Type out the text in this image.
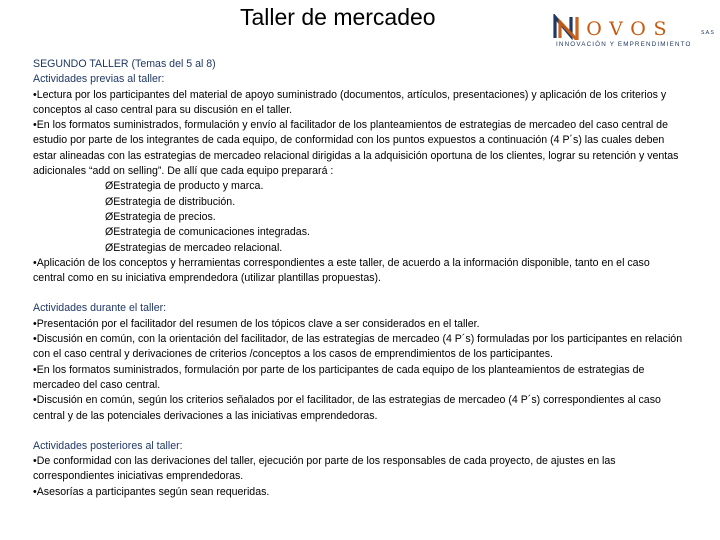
Taller de mercadeo	O V O S	S.A.S
INNOVACIÓN Y EMPRENDIMIENTO

SEGUNDO TALLER (Temas del 5 al 8)

Actividades previas al taller:

•Lectura por los participantes del material de apoyo suministrado (documentos, artículos, presentaciones) y aplicación de los criterios y conceptos al caso central para su discusión en el taller.

•En los formatos suministrados, formulación y envío al facilitador de los planteamientos de estrategias de mercadeo del caso central de estudio por parte de los integrantes de cada equipo, de conformidad con los puntos expuestos a continuación (4 P´s) las cuales deben estar alineadas con las estrategias de mercadeo relacional dirigidas a la adquisición oportuna de los clientes, lograr su retención y ventas adicionales “add on selling”. De allí que cada equipo preparará :

ØEstrategia de producto y marca.

ØEstrategia de distribución.

ØEstrategia de precios.

ØEstrategia de comunicaciones integradas.

ØEstrategias de mercadeo relacional.

•Aplicación de los conceptos y herramientas correspondientes a este taller, de acuerdo a la información disponible, tanto en el caso central como en su iniciativa emprendedora (utilizar plantillas propuestas).

Actividades durante el taller:

•Presentación por el facilitador del resumen de los tópicos clave a ser considerados en el taller.

•Discusión en común, con la orientación del facilitador, de las estrategias de mercadeo (4 P´s) formuladas por los participantes en relación con el caso central y derivaciones de criterios /conceptos a los casos de emprendimientos de los participantes.

•En los formatos suministrados, formulación por parte de los participantes de cada equipo de los planteamientos de estrategias de mercadeo del caso central.

•Discusión en común, según los criterios señalados por el facilitador, de las estrategias de mercadeo (4 P´s) correspondientes al caso central y de las potenciales derivaciones a las iniciativas emprendedoras.

Actividades posteriores al taller:

•De conformidad con las derivaciones del taller, ejecución por parte de los responsables de cada proyecto, de ajustes en las correspondientes iniciativas emprendedoras.

•Asesorías a participantes según sean requeridas.
